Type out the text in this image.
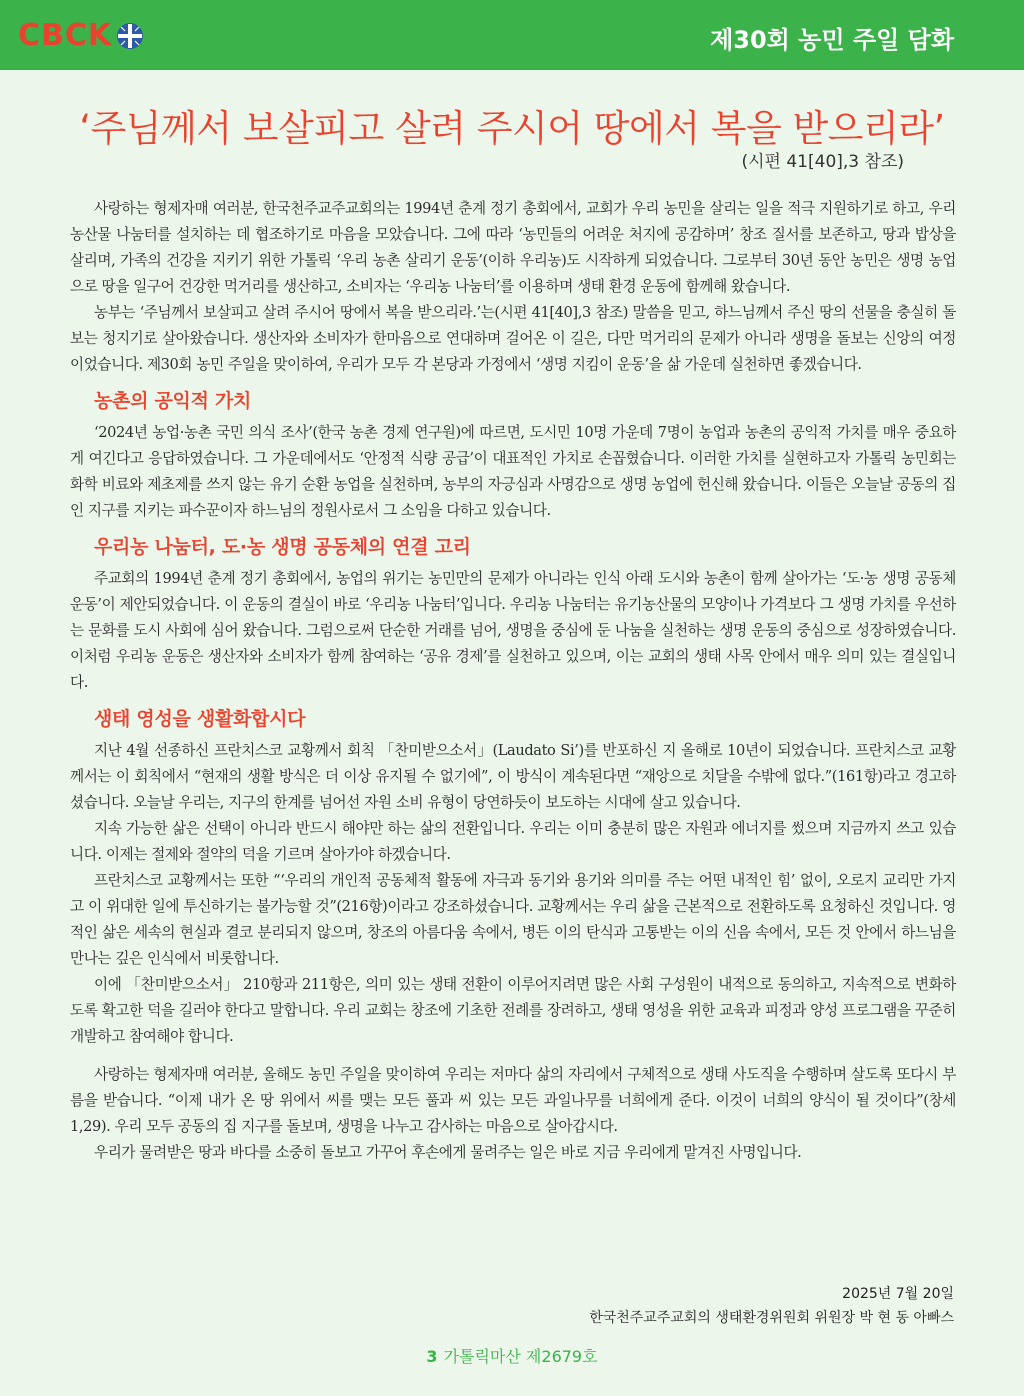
CBCK	제30회 농민 주일 담화
‘주님께서 보살피고 살려 주시어 땅에서 복을 받으리라’
(시편 41[40],3 참조)

사랑하는 형제자매 여러분, 한국천주교주교회의는 1994년 춘계 정기 총회에서, 교회가 우리 농민을 살리는 일을 적극 지원하기로 하고, 우리 농산물 나눔터를 설치하는 데 협조하기로 마음을 모았습니다. 그에 따라 ‘농민들의 어려운 처지에 공감하며’ 창조 질서를 보존하고, 땅과 밥상을 살리며, 가족의 건강을 지키기 위한 가톨릭 ‘우리 농촌 살리기 운동’(이하 우리농)도 시작하게 되었습니다. 그로부터 30년 동안 농민은 생명 농업으로 땅을 일구어 건강한 먹거리를 생산하고, 소비자는 ‘우리농 나눔터’를 이용하며 생태 환경 운동에 함께해 왔습니다.

농부는 ‘주님께서 보살피고 살려 주시어 땅에서 복을 받으리라.’는(시편 41[40],3 참조) 말씀을 믿고, 하느님께서 주신 땅의 선물을 충실히 돌보는 청지기로 살아왔습니다. 생산자와 소비자가 한마음으로 연대하며 걸어온 이 길은, 다만 먹거리의 문제가 아니라 생명을 돌보는 신앙의 여정이었습니다. 제30회 농민 주일을 맞이하여, 우리가 모두 각 본당과 가정에서 ‘생명 지킴이 운동’을 삶 가운데 실천하면 좋겠습니다.

농촌의 공익적 가치

‘2024년 농업·농촌 국민 의식 조사’(한국 농촌 경제 연구원)에 따르면, 도시민 10명 가운데 7명이 농업과 농촌의 공익적 가치를 매우 중요하게 여긴다고 응답하였습니다. 그 가운데에서도 ‘안정적 식량 공급’이 대표적인 가치로 손꼽혔습니다. 이러한 가치를 실현하고자 가톨릭 농민회는 화학 비료와 제초제를 쓰지 않는 유기 순환 농업을 실천하며, 농부의 자긍심과 사명감으로 생명 농업에 헌신해 왔습니다. 이들은 오늘날 공동의 집인 지구를 지키는 파수꾼이자 하느님의 정원사로서 그 소임을 다하고 있습니다.

우리농 나눔터, 도·농 생명 공동체의 연결 고리

주교회의 1994년 춘계 정기 총회에서, 농업의 위기는 농민만의 문제가 아니라는 인식 아래 도시와 농촌이 함께 살아가는 ‘도·농 생명 공동체 운동’이 제안되었습니다. 이 운동의 결실이 바로 ‘우리농 나눔터’입니다. 우리농 나눔터는 유기농산물의 모양이나 가격보다 그 생명 가치를 우선하는 문화를 도시 사회에 심어 왔습니다. 그럼으로써 단순한 거래를 넘어, 생명을 중심에 둔 나눔을 실천하는 생명 운동의 중심으로 성장하였습니다. 이처럼 우리농 운동은 생산자와 소비자가 함께 참여하는 ‘공유 경제’를 실천하고 있으며, 이는 교회의 생태 사목 안에서 매우 의미 있는 결실입니다.

생태 영성을 생활화합시다

지난 4월 선종하신 프란치스코 교황께서 회칙 「찬미받으소서」(Laudato Si’)를 반포하신 지 올해로 10년이 되었습니다. 프란치스코 교황께서는 이 회칙에서 “현재의 생활 방식은 더 이상 유지될 수 없기에”, 이 방식이 계속된다면 “재앙으로 치달을 수밖에 없다.”(161항)라고 경고하셨습니다. 오늘날 우리는, 지구의 한계를 넘어선 자원 소비 유형이 당연하듯이 보도하는 시대에 살고 있습니다.

지속 가능한 삶은 선택이 아니라 반드시 해야만 하는 삶의 전환입니다. 우리는 이미 충분히 많은 자원과 에너지를 썼으며 지금까지 쓰고 있습니다. 이제는 절제와 절약의 덕을 기르며 살아가야 하겠습니다.

프란치스코 교황께서는 또한 “‘우리의 개인적 공동체적 활동에 자극과 동기와 용기와 의미를 주는 어떤 내적인 힘’ 없이, 오로지 교리만 가지고 이 위대한 일에 투신하기는 불가능할 것”(216항)이라고 강조하셨습니다. 교황께서는 우리 삶을 근본적으로 전환하도록 요청하신 것입니다. 영적인 삶은 세속의 현실과 결코 분리되지 않으며, 창조의 아름다움 속에서, 병든 이의 탄식과 고통받는 이의 신음 속에서, 모든 것 안에서 하느님을 만나는 깊은 인식에서 비롯합니다.

이에 「찬미받으소서」 210항과 211항은, 의미 있는 생태 전환이 이루어지려면 많은 사회 구성원이 내적으로 동의하고, 지속적으로 변화하도록 확고한 덕을 길러야 한다고 말합니다. 우리 교회는 창조에 기초한 전례를 장려하고, 생태 영성을 위한 교육과 피정과 양성 프로그램을 꾸준히 개발하고 참여해야 합니다.

사랑하는 형제자매 여러분, 올해도 농민 주일을 맞이하여 우리는 저마다 삶의 자리에서 구체적으로 생태 사도직을 수행하며 살도록 또다시 부름을 받습니다. “이제 내가 온 땅 위에서 씨를 맺는 모든 풀과 씨 있는 모든 과일나무를 너희에게 준다. 이것이 너희의 양식이 될 것이다”(창세 1,29). 우리 모두 공동의 집 지구를 돌보며, 생명을 나누고 감사하는 마음으로 살아갑시다.

우리가 물려받은 땅과 바다를 소중히 돌보고 가꾸어 후손에게 물려주는 일은 바로 지금 우리에게 맡겨진 사명입니다.

2025년 7월 20일
한국천주교주교회의 생태환경위원회 위원장 박 현 동 아빠스
3 가톨릭마산 제2679호
